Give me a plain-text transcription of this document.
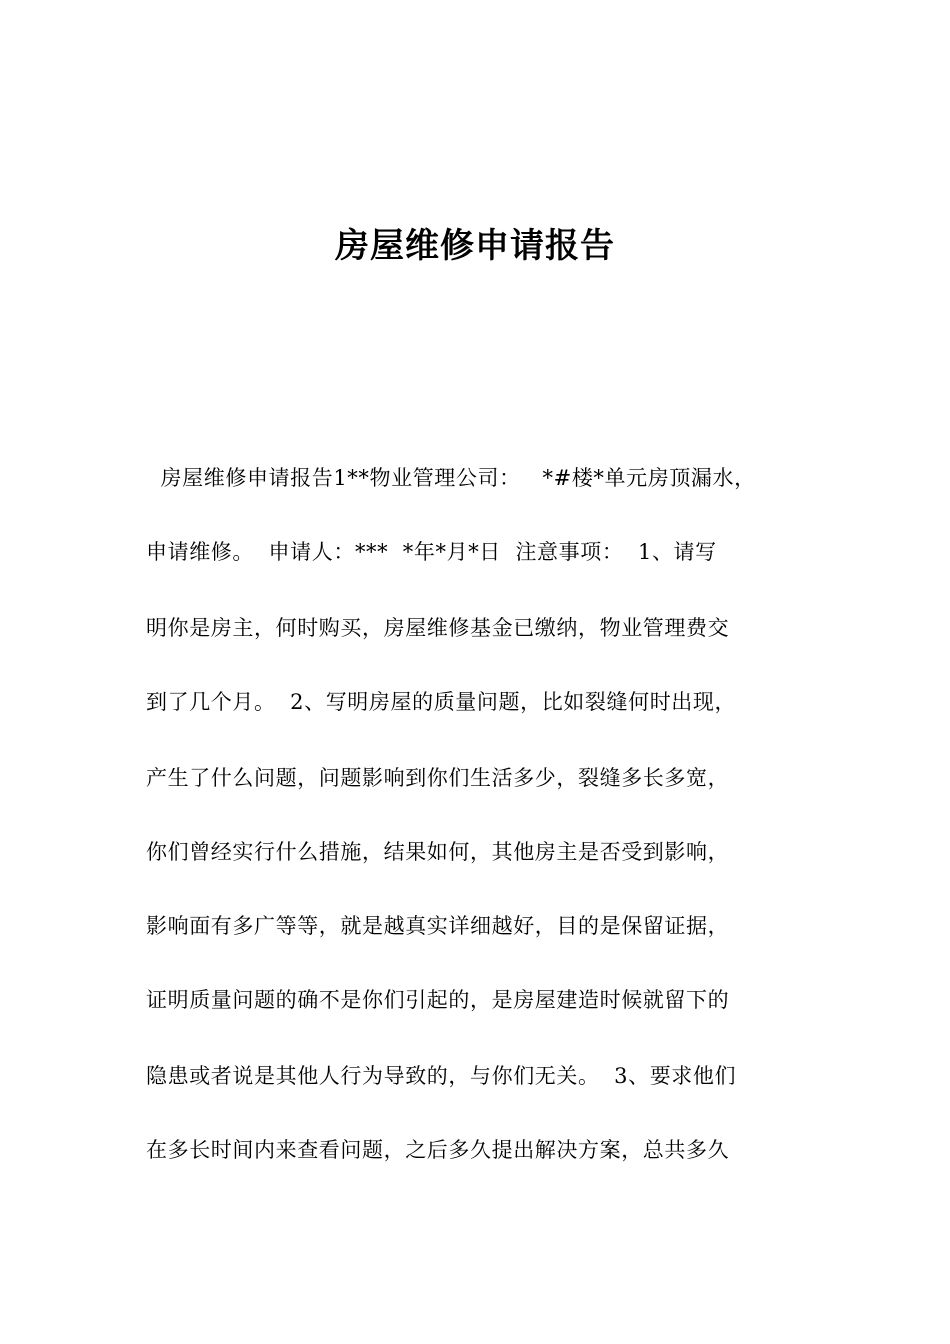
房屋维修申请报告
房屋维修申请报告1**物业管理公司：   *#楼*单元房顶漏水，
申请维修。  申请人：***  *年*月*日  注意事项：  1、请写
明你是房主，何时购买，房屋维修基金已缴纳，物业管理费交
到了几个月。  2、写明房屋的质量问题，比如裂缝何时出现，
产生了什么问题，问题影响到你们生活多少，裂缝多长多宽，
你们曾经实行什么措施，结果如何，其他房主是否受到影响，
影响面有多广等等，就是越真实详细越好，目的是保留证据，
证明质量问题的确不是你们引起的，是房屋建造时候就留下的
隐患或者说是其他人行为导致的，与你们无关。  3、要求他们
在多长时间内来查看问题，之后多久提出解决方案，总共多久
